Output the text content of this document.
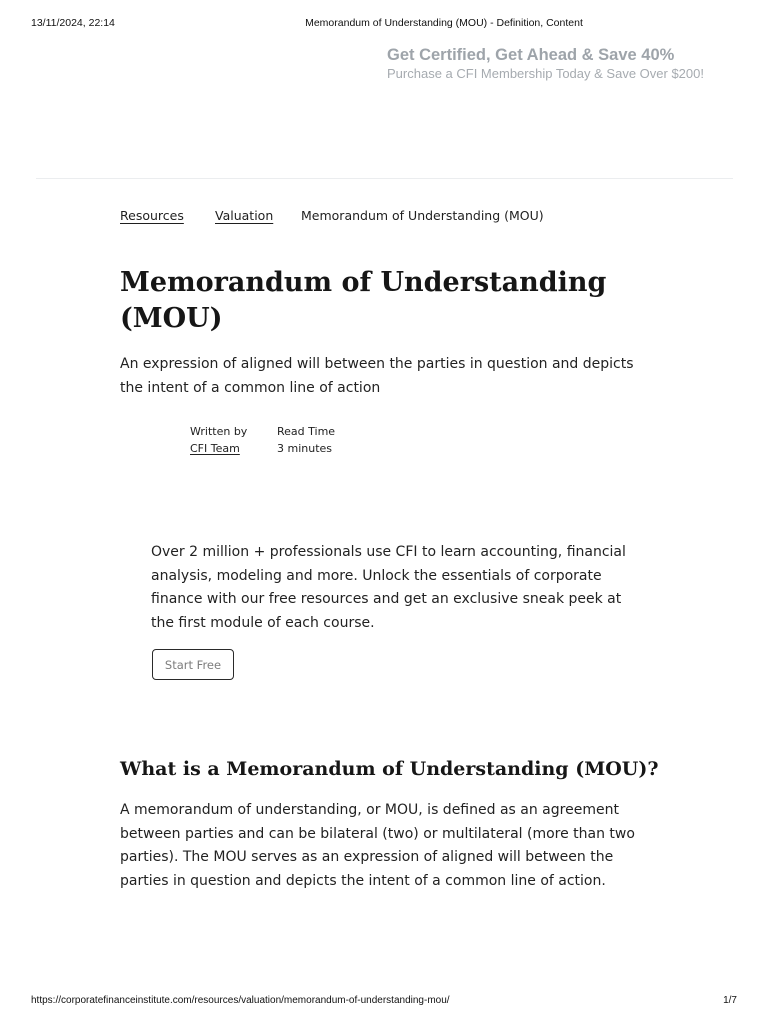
13/11/2024, 22:14	Memorandum of Understanding (MOU) - Definition, Content
Get Certified, Get Ahead & Save 40%
Purchase a CFI Membership Today & Save Over $200!
Resources Valuation Memorandum of Understanding (MOU)
Memorandum of Understanding (MOU)

An expression of aligned will between the parties in question and depicts the intent of a common line of action

Written by
CFI Team
Read Time
3 minutes

Over 2 million + professionals use CFI to learn accounting, financial analysis, modeling and more. Unlock the essentials of corporate finance with our free resources and get an exclusive sneak peek at the first module of each course.

Start Free
What is a Memorandum of Understanding (MOU)?

A memorandum of understanding, or MOU, is defined as an agreement between parties and can be bilateral (two) or multilateral (more than two parties). The MOU serves as an expression of aligned will between the parties in question and depicts the intent of a common line of action.

https://corporatefinanceinstitute.com/resources/valuation/memorandum-of-understanding-mou/	1/7
